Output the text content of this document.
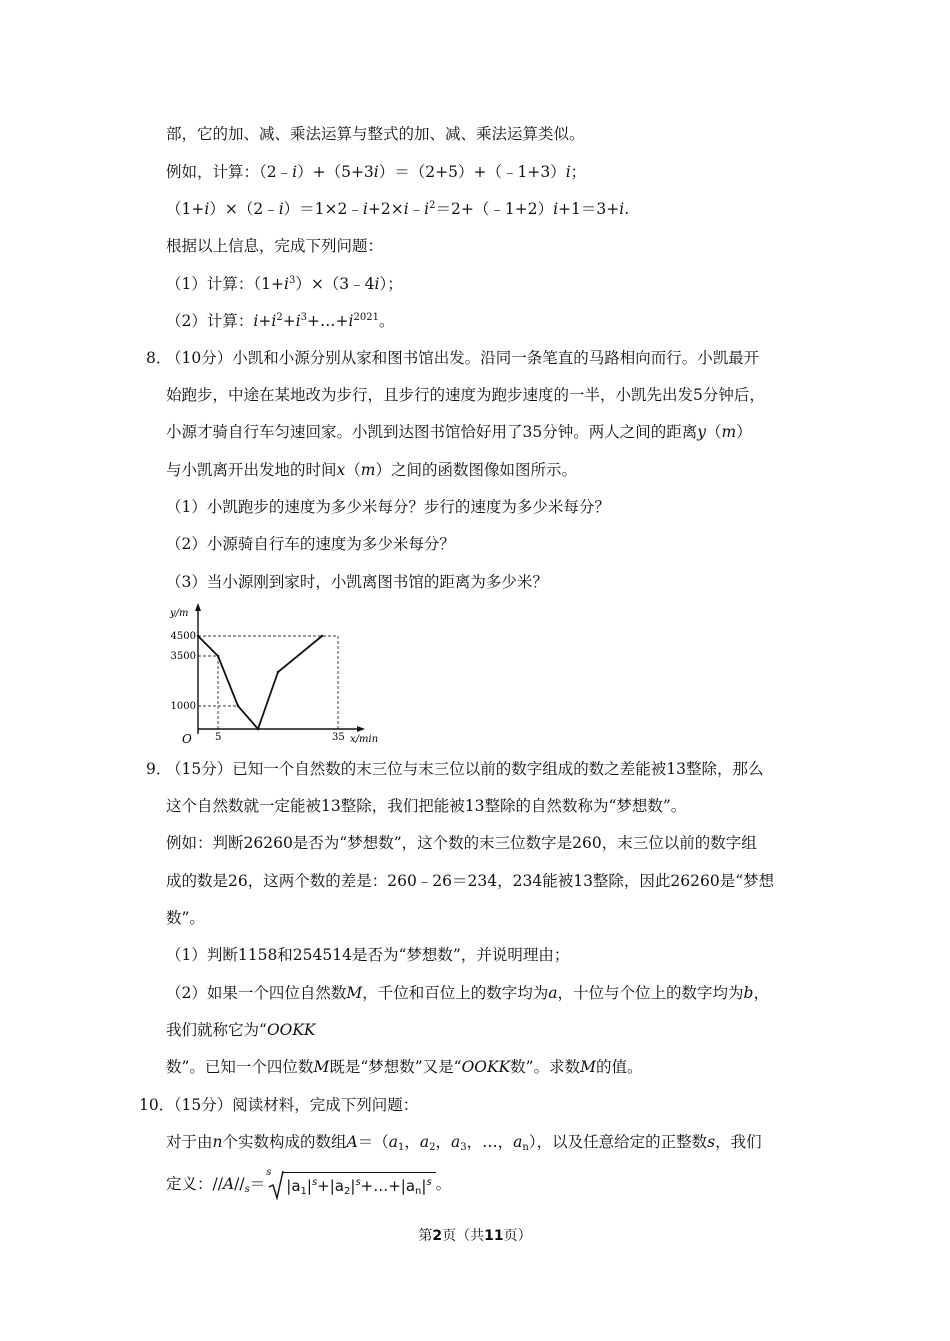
部，它的加、减、乘法运算与整式的加、减、乘法运算类似。
例如，计算：（2﹣i）+（5+3i）＝（2+5）+（﹣1+3）i；
$(1+i)\times(2﹣i)=1\times 2﹣i+2\times i﹣i^2=2+(﹣1+2)i+1=3+i$.
根据以上信息，完成下列问题：
（1）计算：$(1+i^3)\times(3﹣4i)$；
（2）计算：$i+i^2+i^3+\dots+i^{2021}$。
8．
（10分）小凯和小源分别从家和图书馆出发。沿同一条笔直的马路相向而行。小凯最开
始跑步，中途在某地改为步行，且步行的速度为跑步速度的一半，小凯先出发5分钟后，
小源才骑自行车匀速回家。小凯到达图书馆恰好用了35分钟。两人之间的距离y（m）
与小凯离开出发地的时间x（m）之间的函数图像如图所示。
（1）小凯跑步的速度为多少米每分？步行的速度为多少米每分？
（2）小源骑自行车的速度为多少米每分？
（3）当小源刚到家时，小凯离图书馆的距离为多少米？
y/m
x/min
O
4500
3500
1000
5	35
9．
（15分）已知一个自然数的末三位与末三位以前的数字组成的数之差能被13整除，那么
这个自然数就一定能被13整除，我们把能被13整除的自然数称为“梦想数”。
例如：判断26260是否为“梦想数”，这个数的末三位数字是260，末三位以前的数字组
成的数是26，这两个数的差是：260﹣26＝234，234能被13整除，因此26260是“梦想
数”。
（1）判断1158和254514是否为“梦想数”，并说明理由；
（2）如果一个四位自然数M，千位和百位上的数字均为a，十位与个位上的数字均为b，
我们就称它为“OOKK
数”。已知一个四位数M既是“梦想数”又是“OOKK数”。求数M的值。
10．
（15分）阅读材料，完成下列问题：
对于由n个实数构成的数组$A=(a_1$，$a_2$，$a_3$，…，$a_n$），以及任意给定的正整数s，我们
定义：$//A//_s=$
s
$|a_1|^s+|a_2|^s+\dots+|a_n|^s$ 。
第2页（共11页）
